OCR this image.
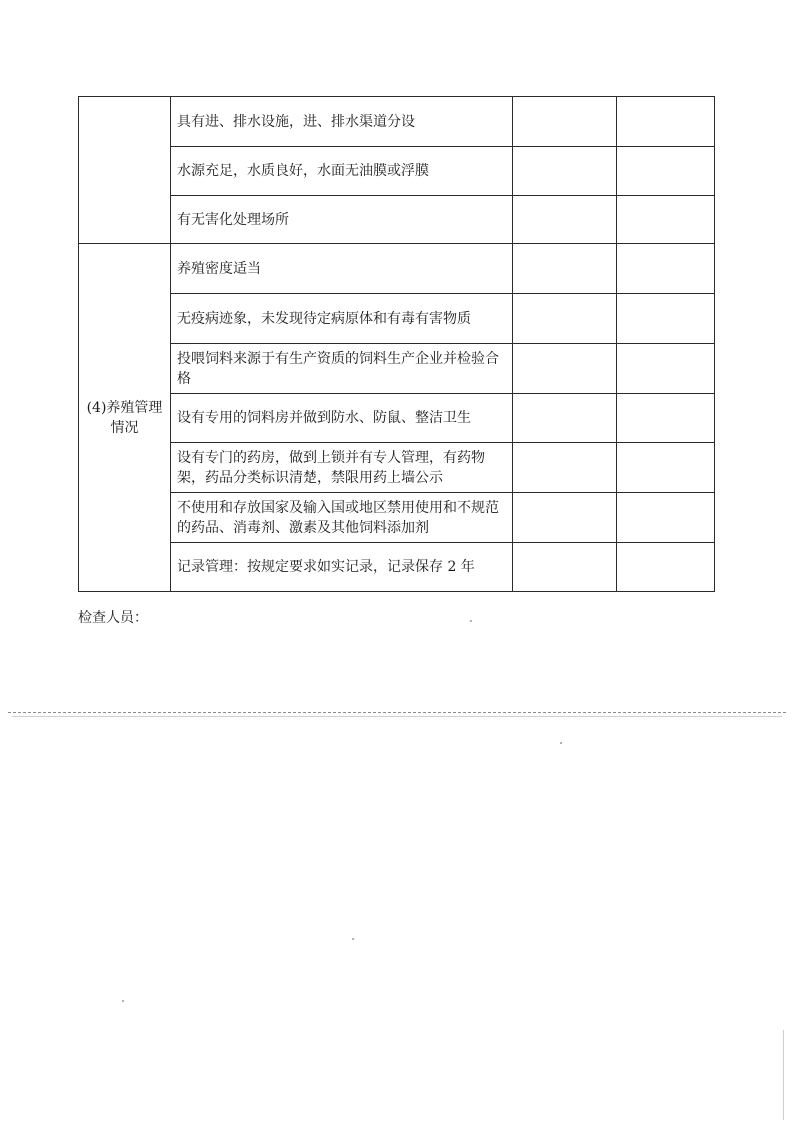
	具有进、排水设施，进、排水渠道分设		
	水源充足，水质良好，水面无油膜或浮膜		
	有无害化处理场所		
(4)养殖管理情况	养殖密度适当		
	无疫病迹象，未发现待定病原体和有毒有害物质		
	投喂饲料来源于有生产资质的饲料生产企业并检验合格		
	设有专用的饲料房并做到防水、防鼠、整洁卫生		
	设有专门的药房，做到上锁并有专人管理，有药物架，药品分类标识清楚，禁限用药上墙公示		
	不使用和存放国家及输入国或地区禁用使用和不规范的药品、消毒剂、激素及其他饲料添加剂		
	记录管理：按规定要求如实记录，记录保存 2 年		
检查人员：
